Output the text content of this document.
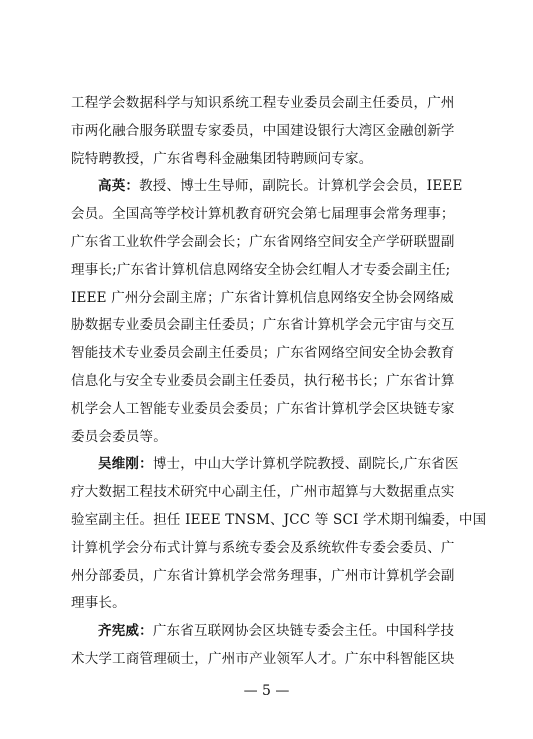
工程学会数据科学与知识系统工程专业委员会副主任委员，广州
市两化融合服务联盟专家委员，中国建设银行大湾区金融创新学
院特聘教授，广东省粤科金融集团特聘顾问专家。
高英：教授、博士生导师，副院长。计算机学会会员，IEEE
会员。全国高等学校计算机教育研究会第七届理事会常务理事；
广东省工业软件学会副会长；广东省网络空间安全产学研联盟副
理事长;广东省计算机信息网络安全协会红帽人才专委会副主任;
IEEE 广州分会副主席；广东省计算机信息网络安全协会网络威
胁数据专业委员会副主任委员；广东省计算机学会元宇宙与交互
智能技术专业委员会副主任委员；广东省网络空间安全协会教育
信息化与安全专业委员会副主任委员，执行秘书长；广东省计算
机学会人工智能专业委员会委员；广东省计算机学会区块链专家
委员会委员等。
吴维刚：博士，中山大学计算机学院教授、副院长,广东省医
疗大数据工程技术研究中心副主任，广州市超算与大数据重点实
验室副主任。担任 IEEE TNSM、JCC 等 SCI 学术期刊编委，中国
计算机学会分布式计算与系统专委会及系统软件专委会委员、广
州分部委员，广东省计算机学会常务理事，广州市计算机学会副
理事长。
齐宪威：广东省互联网协会区块链专委会主任。中国科学技
术大学工商管理硕士，广州市产业领军人才。广东中科智能区块
— 5 —
